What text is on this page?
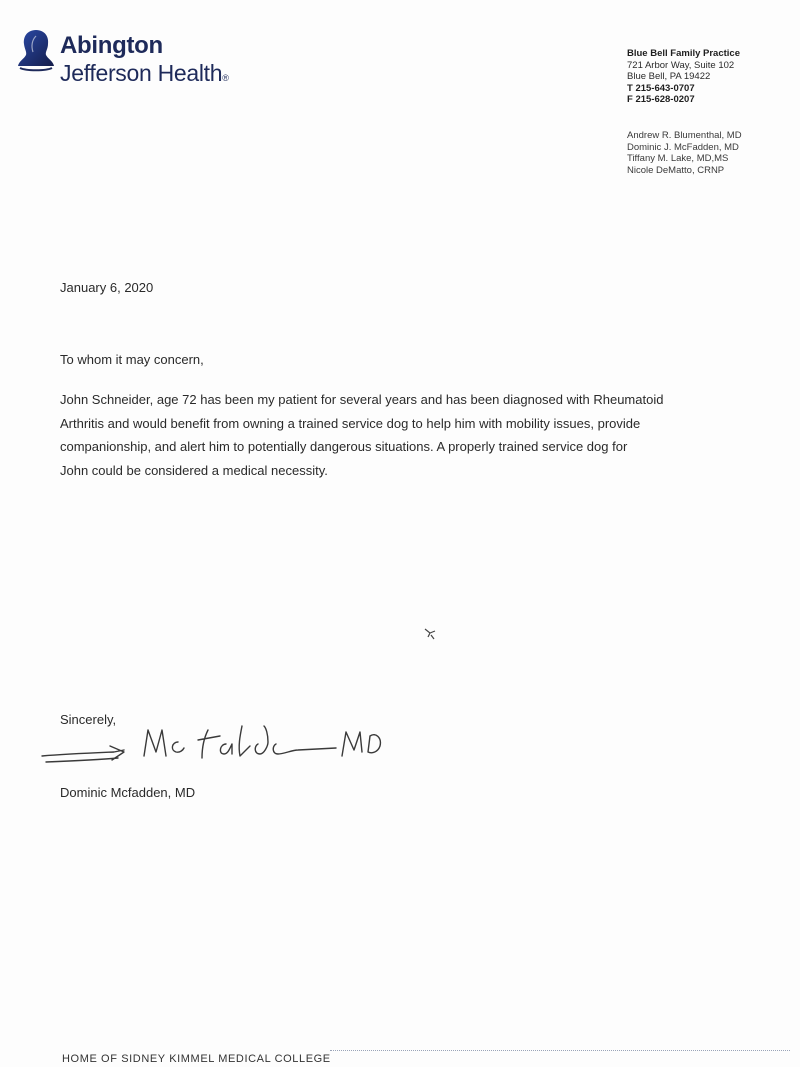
Abington
Jefferson Health®
Blue Bell Family Practice
721 Arbor Way, Suite 102
Blue Bell, PA 19422
T 215-643-0707
F 215-628-0207
Andrew R. Blumenthal, MD
Dominic J. McFadden, MD
Tiffany M. Lake, MD,MS
Nicole DeMatto, CRNP
January 6, 2020
To whom it may concern,
John Schneider, age 72 has been my patient for several years and has been diagnosed with Rheumatoid
Arthritis and would benefit from owning a trained service dog to help him with mobility issues, provide
companionship, and alert him to potentially dangerous situations. A properly trained service dog for
John could be considered a medical necessity.
Sincerely,
Dominic Mcfadden, MD
HOME OF SIDNEY KIMMEL MEDICAL COLLEGE
